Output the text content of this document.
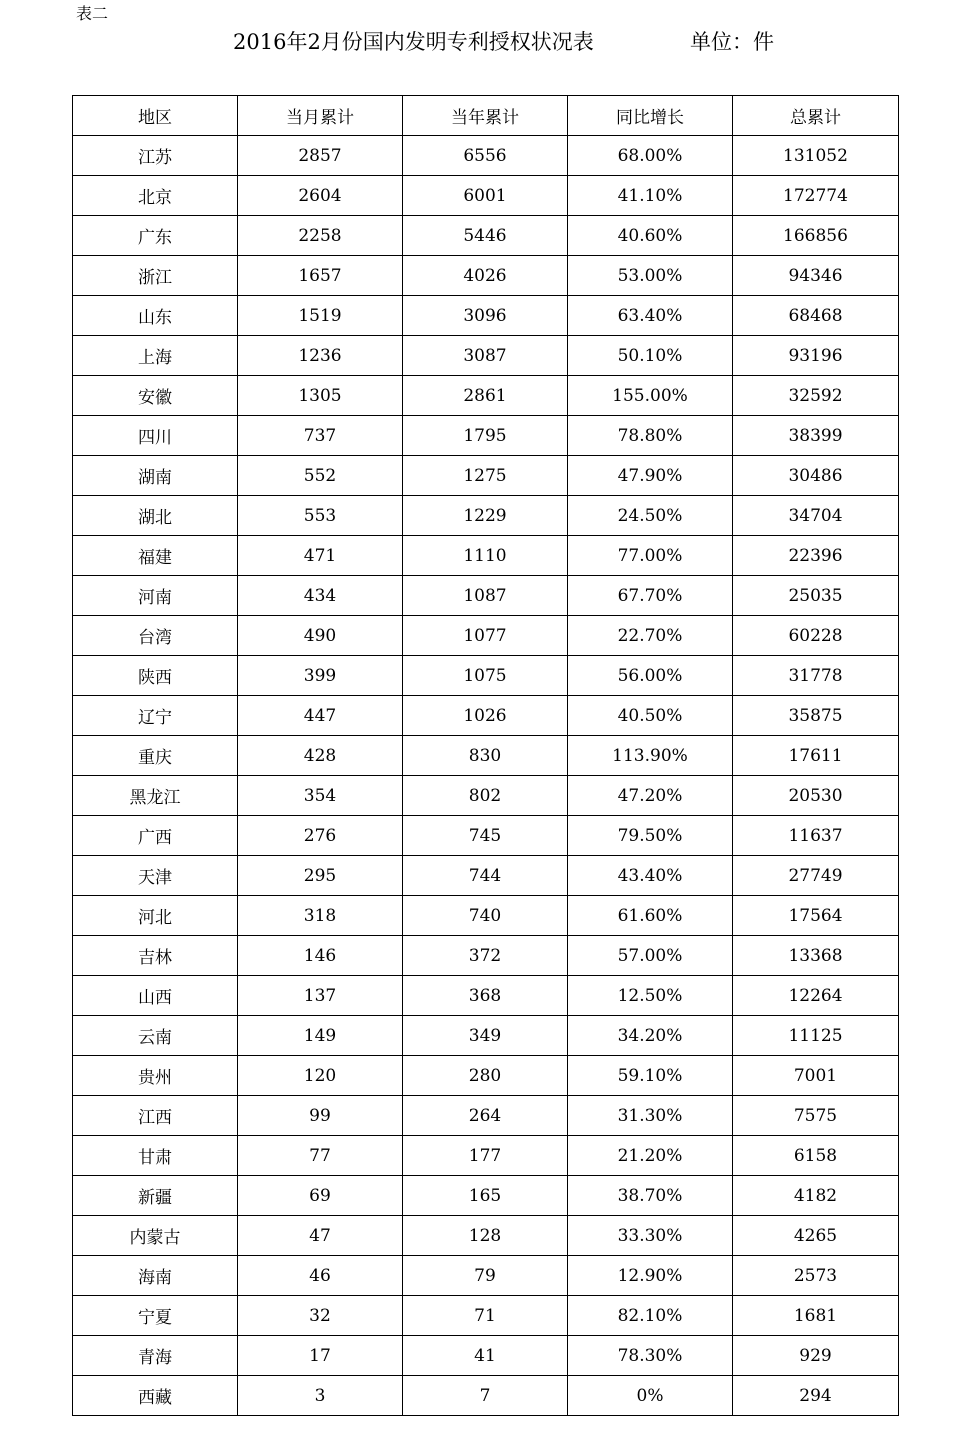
表二
2016年2月份国内发明专利授权状况表	单位：件
地区	当月累计	当年累计	同比增长	总累计
江苏	2857	6556	68.00%	131052
北京	2604	6001	41.10%	172774
广东	2258	5446	40.60%	166856
浙江	1657	4026	53.00%	94346
山东	1519	3096	63.40%	68468
上海	1236	3087	50.10%	93196
安徽	1305	2861	155.00%	32592
四川	737	1795	78.80%	38399
湖南	552	1275	47.90%	30486
湖北	553	1229	24.50%	34704
福建	471	1110	77.00%	22396
河南	434	1087	67.70%	25035
台湾	490	1077	22.70%	60228
陕西	399	1075	56.00%	31778
辽宁	447	1026	40.50%	35875
重庆	428	830	113.90%	17611
黑龙江	354	802	47.20%	20530
广西	276	745	79.50%	11637
天津	295	744	43.40%	27749
河北	318	740	61.60%	17564
吉林	146	372	57.00%	13368
山西	137	368	12.50%	12264
云南	149	349	34.20%	11125
贵州	120	280	59.10%	7001
江西	99	264	31.30%	7575
甘肃	77	177	21.20%	6158
新疆	69	165	38.70%	4182
内蒙古	47	128	33.30%	4265
海南	46	79	12.90%	2573
宁夏	32	71	82.10%	1681
青海	17	41	78.30%	929
西藏	3	7	0%	294
